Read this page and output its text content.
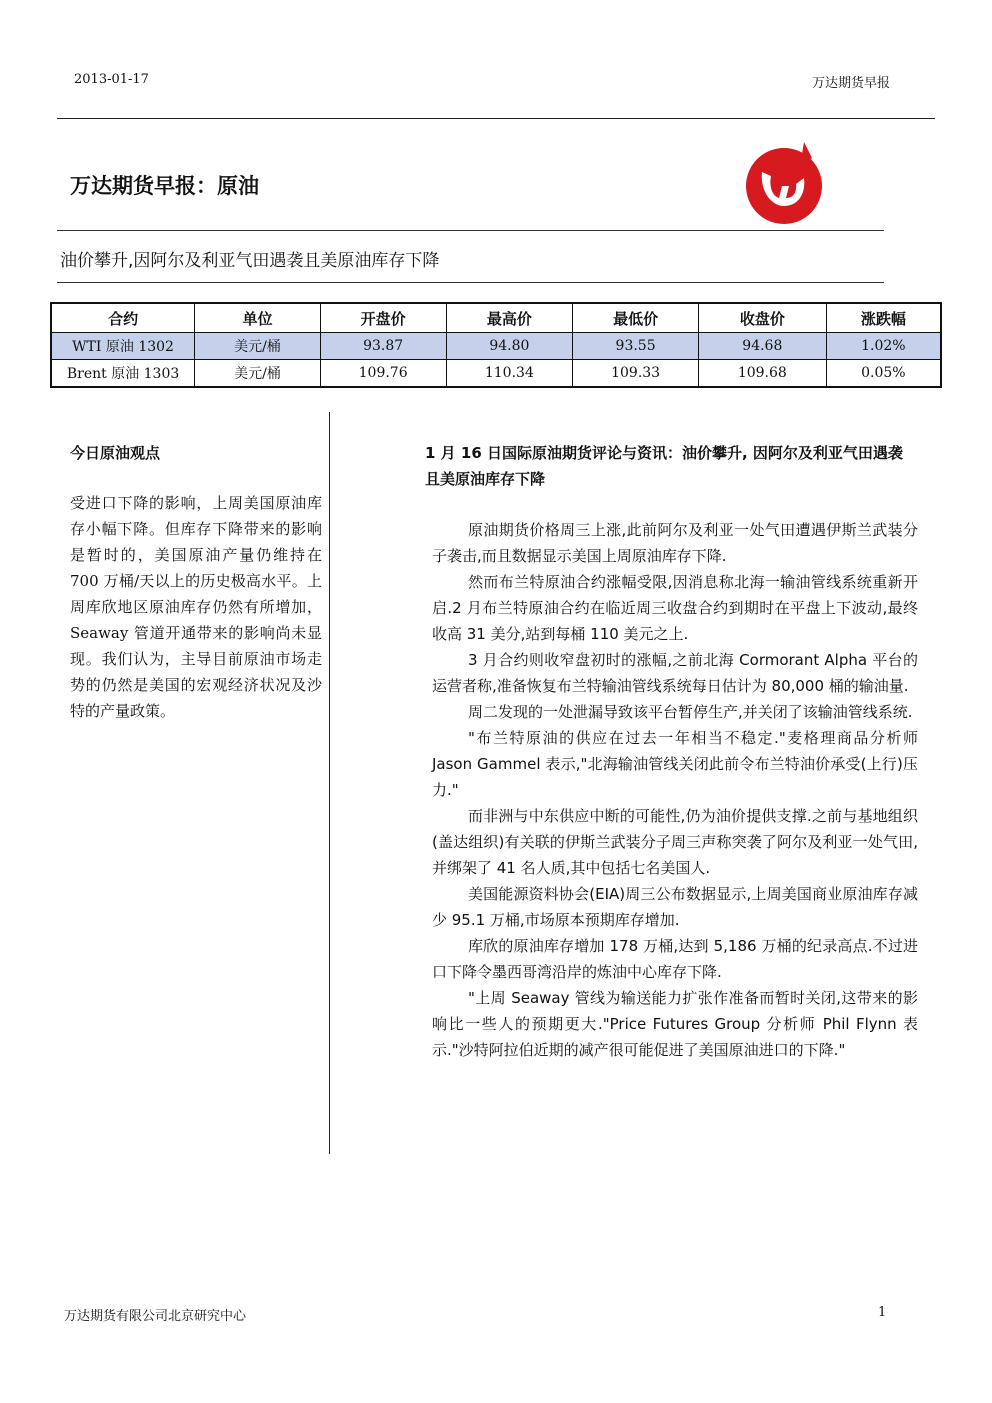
2013-01-17	万达期货早报
万达期货早报：原油
油价攀升,因阿尔及利亚气田遇袭且美原油库存下降
合约	单位	开盘价	最高价	最低价	收盘价	涨跌幅
WTI 原油 1302	美元/桶	93.87	94.80	93.55	94.68	1.02%
Brent 原油 1303	美元/桶	109.76	110.34	109.33	109.68	0.05%
今日原油观点
受进口下降的影响，上周美国原油库存小幅下降。但库存下降带来的影响是暂时的，美国原油产量仍维持在 700 万桶/天以上的历史极高水平。上周库欣地区原油库存仍然有所增加，Seaway 管道开通带来的影响尚未显现。我们认为，主导目前原油市场走势的仍然是美国的宏观经济状况及沙特的产量政策。
1 月 16 日国际原油期货评论与资讯：油价攀升, 因阿尔及利亚气田遇袭且美原油库存下降

原油期货价格周三上涨,此前阿尔及利亚一处气田遭遇伊斯兰武装分子袭击,而且数据显示美国上周原油库存下降.

然而布兰特原油合约涨幅受限,因消息称北海一输油管线系统重新开启.2 月布兰特原油合约在临近周三收盘合约到期时在平盘上下波动,最终收高 31 美分,站到每桶 110 美元之上.

3 月合约则收窄盘初时的涨幅,之前北海 Cormorant Alpha 平台的运营者称,准备恢复布兰特输油管线系统每日估计为 80,000 桶的输油量.

周二发现的一处泄漏导致该平台暂停生产,并关闭了该输油管线系统.

"布兰特原油的供应在过去一年相当不稳定."麦格理商品分析师 Jason Gammel 表示,"北海输油管线关闭此前令布兰特油价承受(上行)压力."

而非洲与中东供应中断的可能性,仍为油价提供支撑.之前与基地组织(盖达组织)有关联的伊斯兰武装分子周三声称突袭了阿尔及利亚一处气田,并绑架了 41 名人质,其中包括七名美国人.

美国能源资料协会(EIA)周三公布数据显示,上周美国商业原油库存减少 95.1 万桶,市场原本预期库存增加.

库欣的原油库存增加 178 万桶,达到 5,186 万桶的纪录高点.不过进口下降令墨西哥湾沿岸的炼油中心库存下降.

"上周 Seaway 管线为输送能力扩张作准备而暂时关闭,这带来的影响比一些人的预期更大."Price Futures Group 分析师 Phil Flynn 表示."沙特阿拉伯近期的减产很可能促进了美国原油进口的下降."

万达期货有限公司北京研究中心	1
